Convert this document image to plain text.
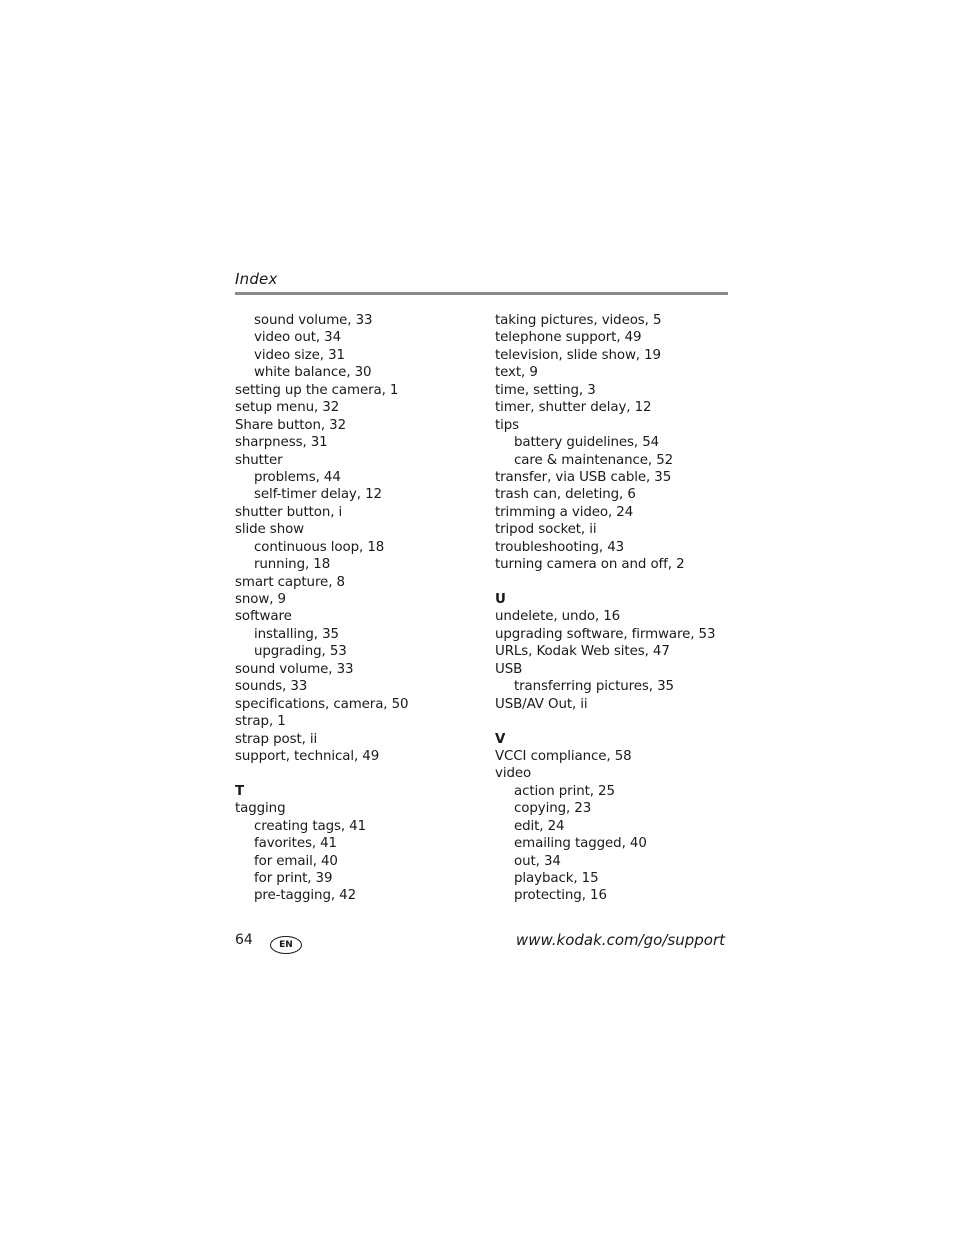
Index
sound volume, 33
video out, 34
video size, 31
white balance, 30
setting up the camera, 1
setup menu, 32
Share button, 32
sharpness, 31
shutter
problems, 44
self-timer delay, 12
shutter button, i
slide show
continuous loop, 18
running, 18
smart capture, 8
snow, 9
software
installing, 35
upgrading, 53
sound volume, 33
sounds, 33
specifications, camera, 50
strap, 1
strap post, ii
support, technical, 49
T
tagging
creating tags, 41
favorites, 41
for email, 40
for print, 39
pre-tagging, 42
taking pictures, videos, 5
telephone support, 49
television, slide show, 19
text, 9
time, setting, 3
timer, shutter delay, 12
tips
battery guidelines, 54
care & maintenance, 52
transfer, via USB cable, 35
trash can, deleting, 6
trimming a video, 24
tripod socket, ii
troubleshooting, 43
turning camera on and off, 2
U
undelete, undo, 16
upgrading software, firmware, 53
URLs, Kodak Web sites, 47
USB
transferring pictures, 35
USB/AV Out, ii
V
VCCI compliance, 58
video
action print, 25
copying, 23
edit, 24
emailing tagged, 40
out, 34
playback, 15
protecting, 16
64	EN	www.kodak.com/go/support
